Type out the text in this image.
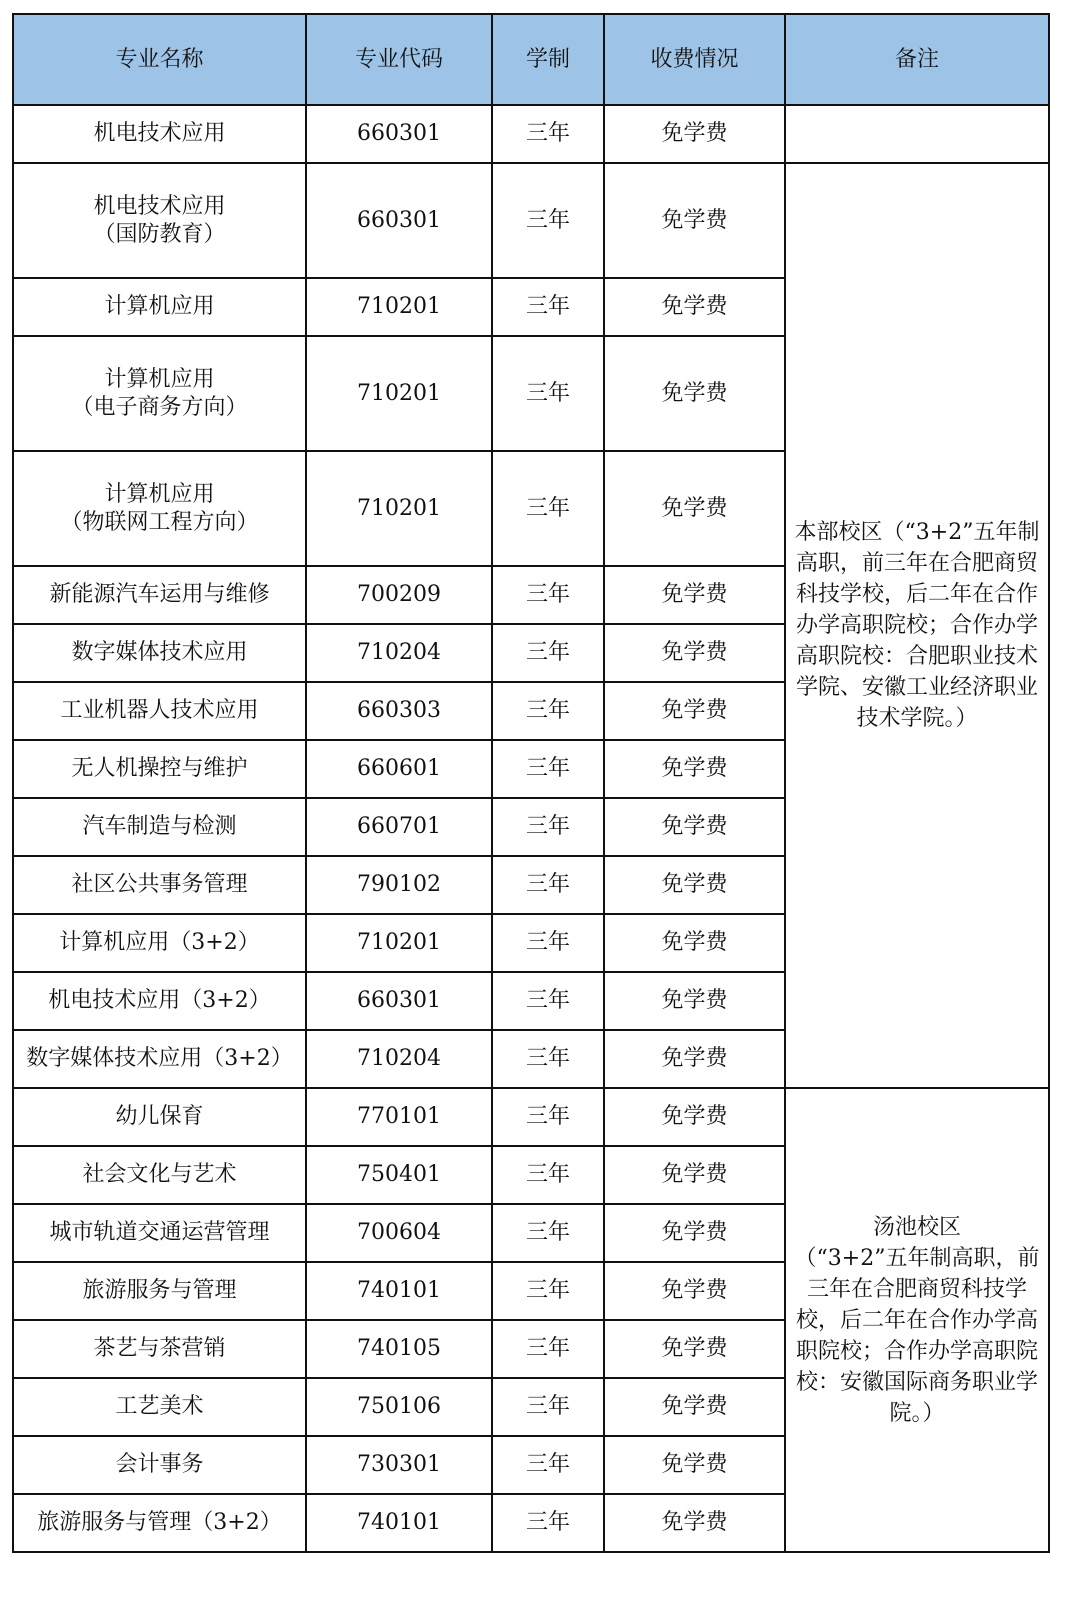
专业名称	专业代码	学制	收费情况	备注
机电技术应用	660301	三年	免学费	

机电技术应用
（国防教育）	660301	三年	免学费	本部校区（“3+2”五年制高职，前三年在合肥商贸科技学校，后二年在合作办学高职院校；合作办学高职院校：合肥职业技术学院、安徽工业经济职业技术学院。）
计算机应用	710201	三年	免学费	

计算机应用
（电子商务方向）	710201	三年	免学费	

计算机应用
（物联网工程方向）	710201	三年	免学费	
新能源汽车运用与维修	700209	三年	免学费	
数字媒体技术应用	710204	三年	免学费	
工业机器人技术应用	660303	三年	免学费	
无人机操控与维护	660601	三年	免学费	
汽车制造与检测	660701	三年	免学费	
社区公共事务管理	790102	三年	免学费	
计算机应用（3+2）	710201	三年	免学费	
机电技术应用（3+2）	660301	三年	免学费	
数字媒体技术应用（3+2）	710204	三年	免学费	
幼儿保育	770101	三年	免学费	汤池校区
（“3+2”五年制高职，前三年在合肥商贸科技学校，后二年在合作办学高职院校；合作办学高职院校：安徽国际商务职业学院。）
社会文化与艺术	750401	三年	免学费	
城市轨道交通运营管理	700604	三年	免学费	
旅游服务与管理	740101	三年	免学费	
茶艺与茶营销	740105	三年	免学费	
工艺美术	750106	三年	免学费	
会计事务	730301	三年	免学费	
旅游服务与管理（3+2）	740101	三年	免学费	
